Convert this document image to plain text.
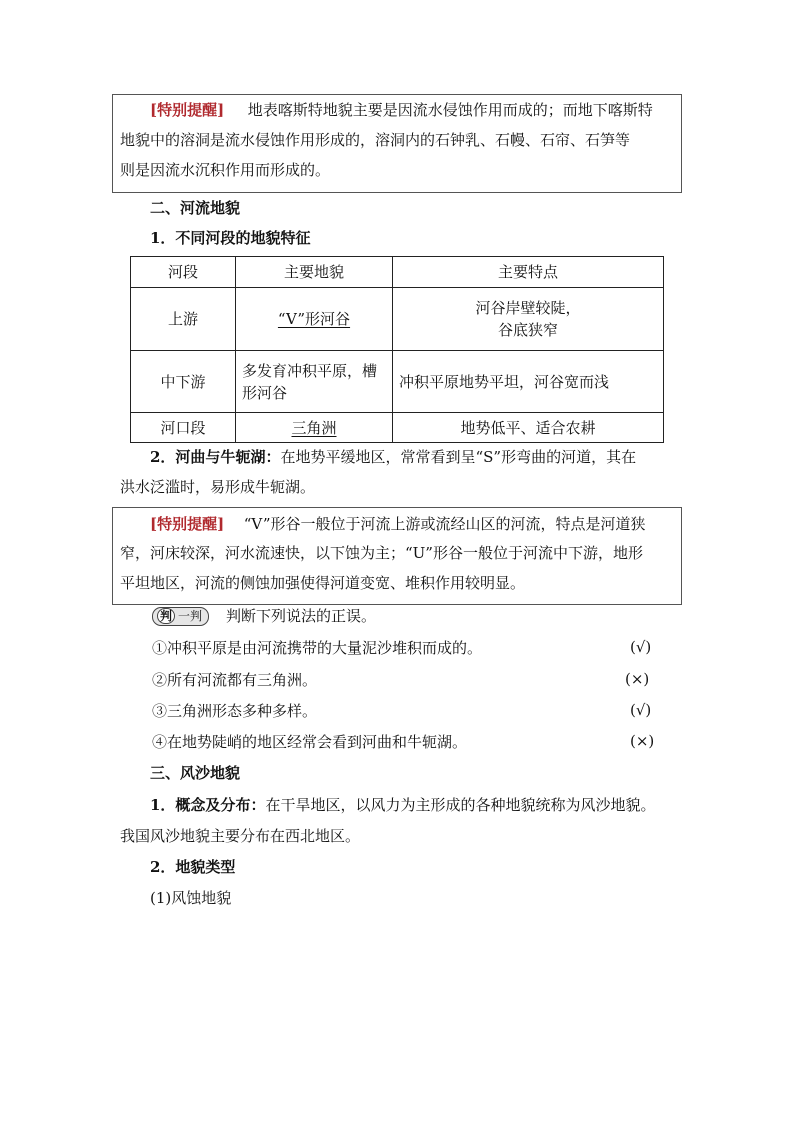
[特别提醒] 地表喀斯特地貌主要是因流水侵蚀作用而成的；而地下喀斯特
地貌中的溶洞是流水侵蚀作用形成的，溶洞内的石钟乳、石幔、石帘、石笋等
则是因流水沉积作用而形成的。
二、河流地貌
1．不同河段的地貌特征
河段	主要地貌	主要特点
上游	“V”形河谷	河谷岸壁较陡，
谷底狭窄

中下游	多发育冲积平原，槽
形河谷	冲积平原地势平坦，河谷宽而浅
河口段	三角洲	地势低平、适合农耕
2．河曲与牛轭湖：在地势平缓地区，常常看到呈“S”形弯曲的河道，其在
洪水泛滥时，易形成牛轭湖。
[特别提醒] “V”形谷一般位于河流上游或流经山区的河流，特点是河道狭
窄，河床较深，河水流速快，以下蚀为主；“U”形谷一般位于河流中下游，地形
平坦地区，河流的侧蚀加强使得河道变宽、堆积作用较明显。
判 一判	判断下列说法的正误。
①冲积平原是由河流携带的大量泥沙堆积而成的。	(√)
②所有河流都有三角洲。	(×)
③三角洲形态多种多样。	(√)
④在地势陡峭的地区经常会看到河曲和牛轭湖。	(×)
三、风沙地貌
1．概念及分布：在干旱地区，以风力为主形成的各种地貌统称为风沙地貌。
我国风沙地貌主要分布在西北地区。
2．地貌类型
(1)风蚀地貌
